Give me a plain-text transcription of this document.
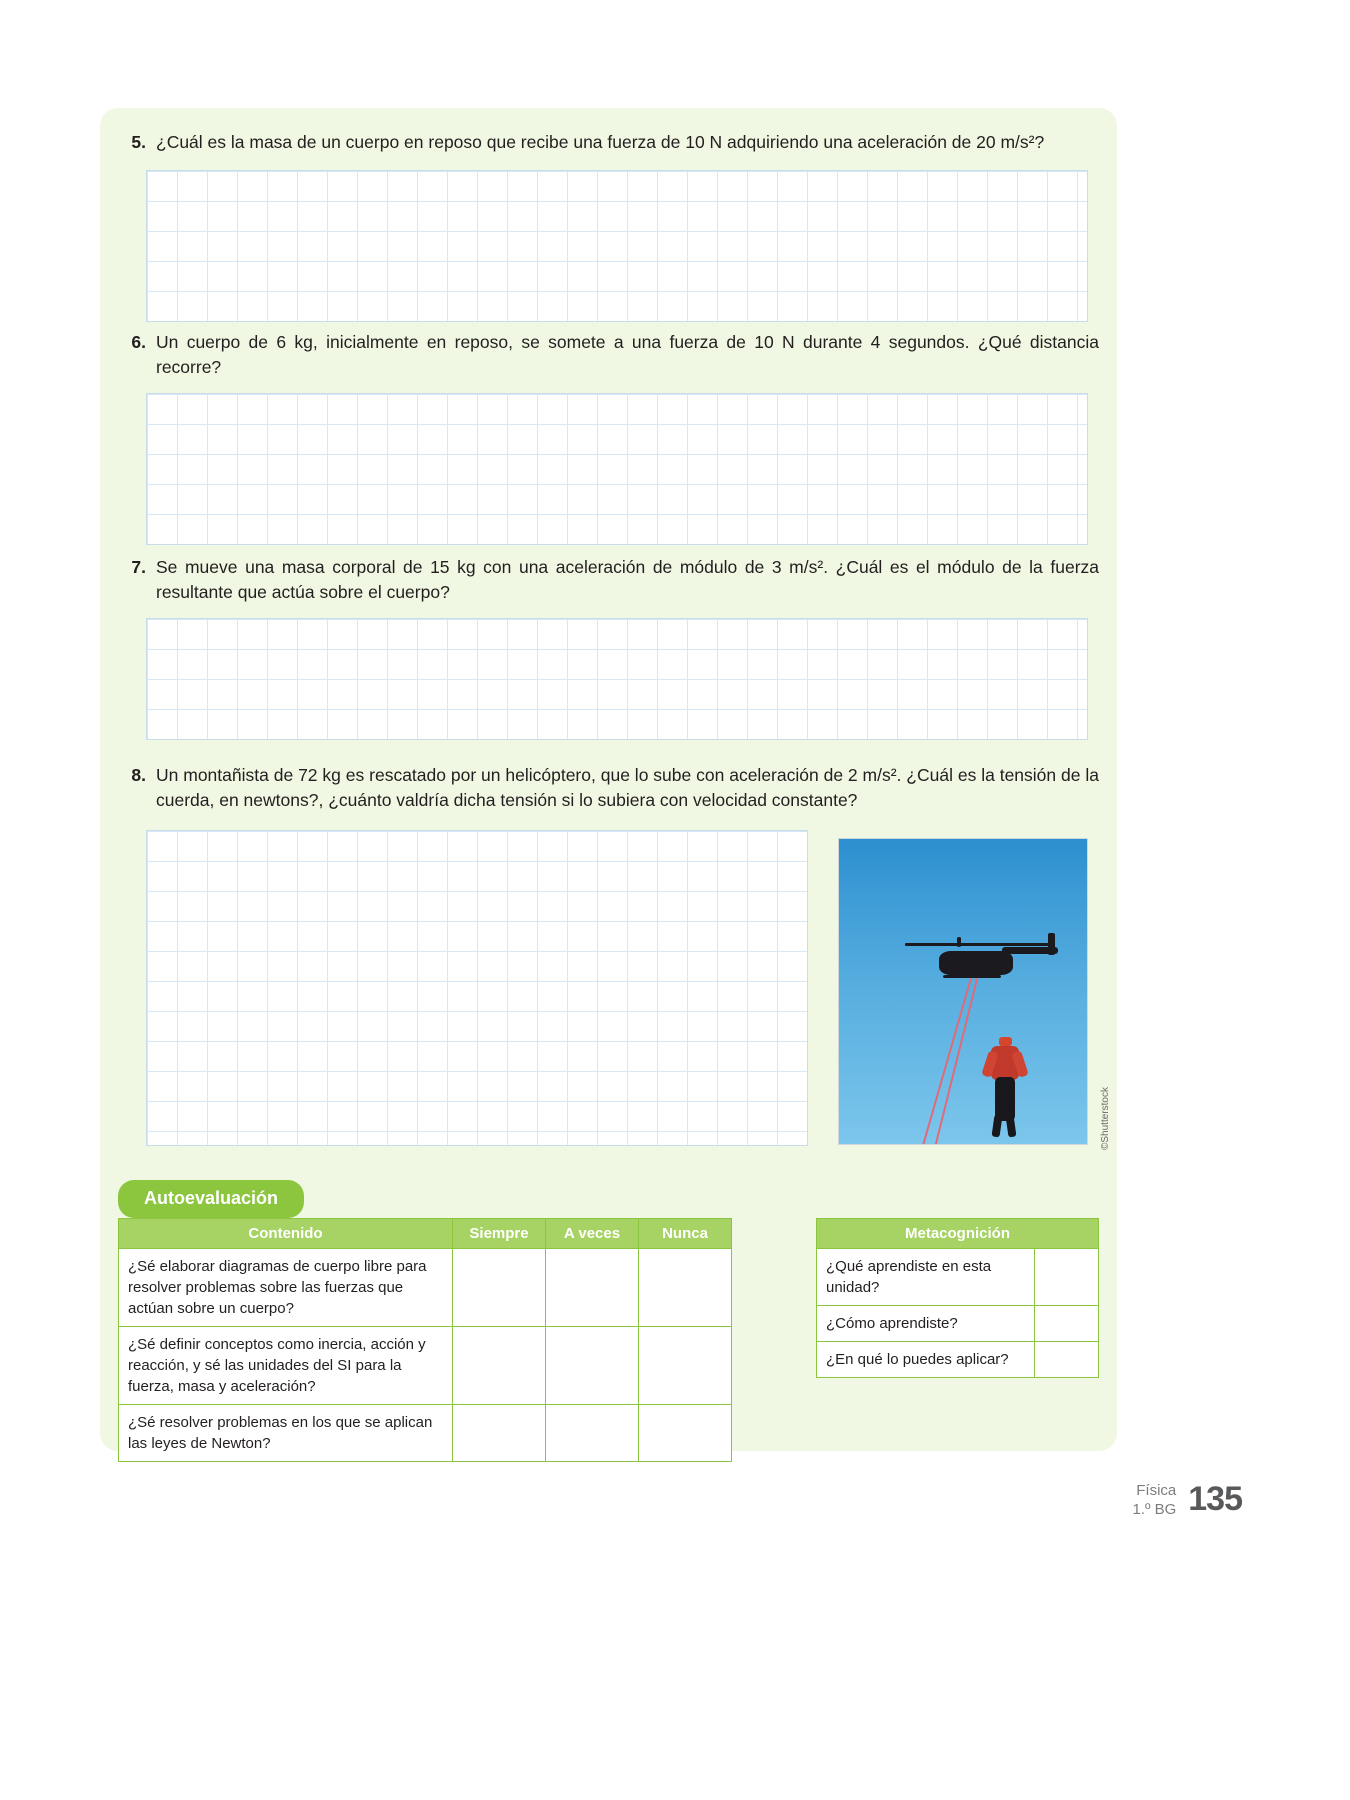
5. ¿Cuál es la masa de un cuerpo en reposo que recibe una fuerza de 10 N adquiriendo una aceleración de 20 m/s²?
6. Un cuerpo de 6 kg, inicialmente en reposo, se somete a una fuerza de 10 N durante 4 segundos. ¿Qué distancia recorre?
7. Se mueve una masa corporal de 15 kg con una aceleración de módulo de 3 m/s². ¿Cuál es el módulo de la fuerza resultante que actúa sobre el cuerpo?
8. Un montañista de 72 kg es rescatado por un helicóptero, que lo sube con aceleración de 2 m/s². ¿Cuál es la tensión de la cuerda, en newtons?, ¿cuánto valdría dicha tensión si lo subiera con velocidad constante?
©Shutterstock
Autoevaluación
Contenido	Siempre	A veces	Nunca
¿Sé elaborar diagramas de cuerpo libre para resolver problemas sobre las fuerzas que actúan sobre un cuerpo?			
¿Sé definir conceptos como inercia, acción y reacción, y sé las unidades del SI para la fuerza, masa y aceleración?			
¿Sé resolver problemas en los que se aplican las leyes de Newton?			
Metacognición	
¿Qué aprendiste en esta unidad?	
¿Cómo aprendiste?	
¿En qué lo puedes aplicar?	
Física
1.º BG 135
